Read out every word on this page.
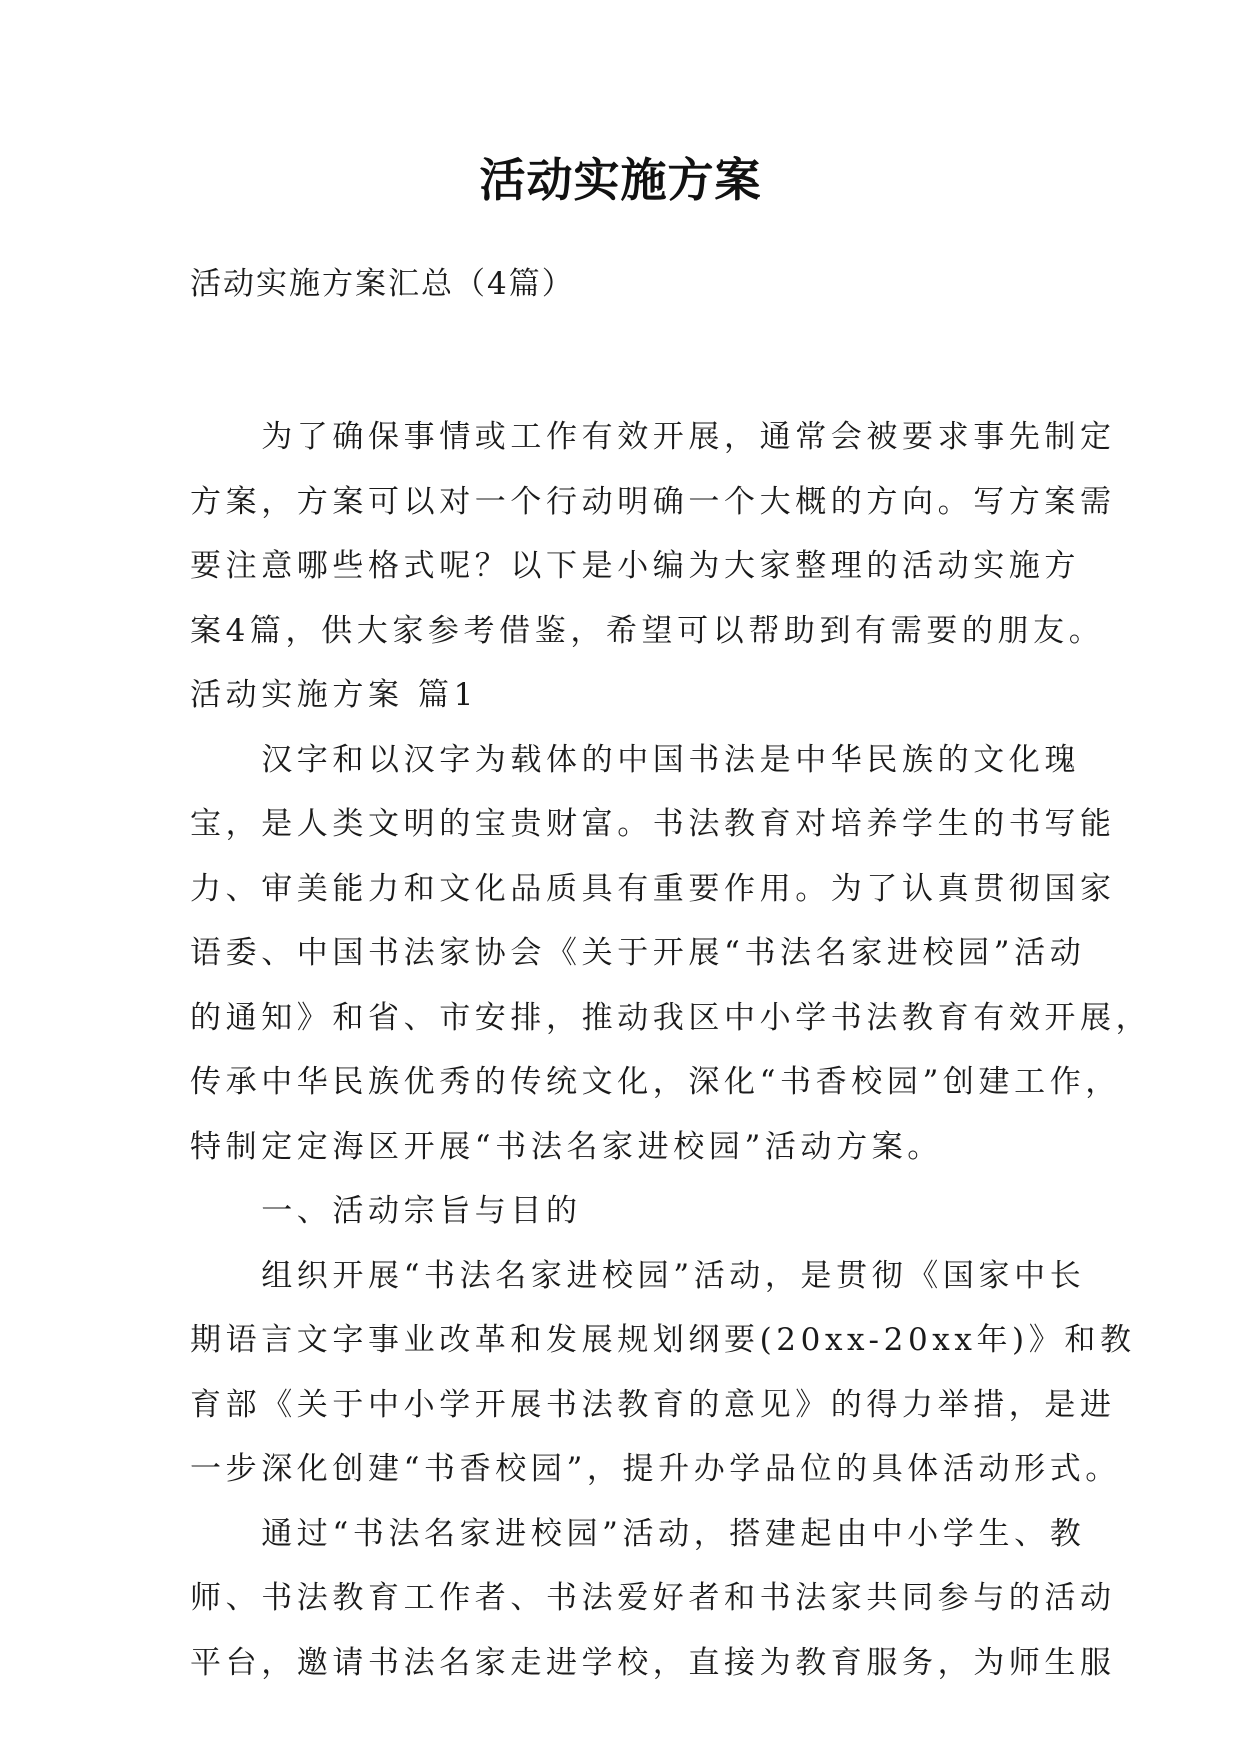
活动实施方案
活动实施方案汇总（4篇）
　　为了确保事情或工作有效开展，通常会被要求事先制定
方案，方案可以对一个行动明确一个大概的方向。写方案需
要注意哪些格式呢？以下是小编为大家整理的活动实施方
案4篇，供大家参考借鉴，希望可以帮助到有需要的朋友。
活动实施方案 篇1
　　汉字和以汉字为载体的中国书法是中华民族的文化瑰
宝，是人类文明的宝贵财富。书法教育对培养学生的书写能
力、审美能力和文化品质具有重要作用。为了认真贯彻国家
语委、中国书法家协会《关于开展“书法名家进校园”活动
的通知》和省、市安排，推动我区中小学书法教育有效开展，
传承中华民族优秀的传统文化，深化“书香校园”创建工作，
特制定定海区开展“书法名家进校园”活动方案。
　　一、活动宗旨与目的
　　组织开展“书法名家进校园”活动，是贯彻《国家中长
期语言文字事业改革和发展规划纲要(20xx-20xx年)》和教
育部《关于中小学开展书法教育的意见》的得力举措，是进
一步深化创建“书香校园”，提升办学品位的具体活动形式。
　　通过“书法名家进校园”活动，搭建起由中小学生、教
师、书法教育工作者、书法爱好者和书法家共同参与的活动
平台，邀请书法名家走进学校，直接为教育服务，为师生服
